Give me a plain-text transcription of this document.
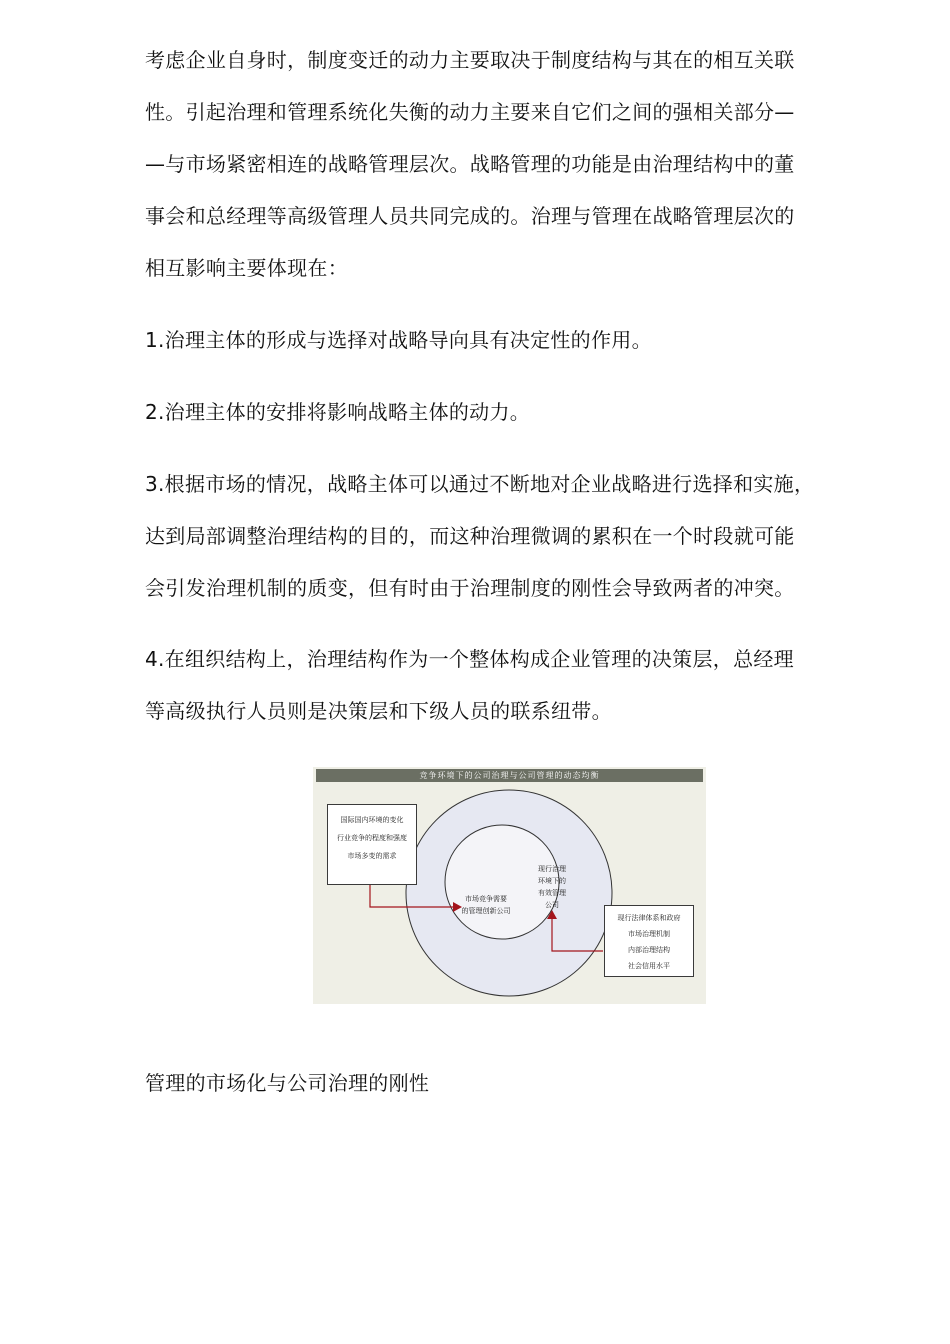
考虑企业自身时，制度变迁的动力主要取决于制度结构与其在的相互关联
性。引起治理和管理系统化失衡的动力主要来自它们之间的强相关部分—
—与市场紧密相连的战略管理层次。战略管理的功能是由治理结构中的董
事会和总经理等高级管理人员共同完成的。治理与管理在战略管理层次的
相互影响主要体现在：
1.治理主体的形成与选择对战略导向具有决定性的作用。
2.治理主体的安排将影响战略主体的动力。
3.根据市场的情况，战略主体可以通过不断地对企业战略进行选择和实施，
达到局部调整治理结构的目的，而这种治理微调的累积在一个时段就可能
会引发治理机制的质变，但有时由于治理制度的刚性会导致两者的冲突。
4.在组织结构上，治理结构作为一个整体构成企业管理的决策层，总经理
等高级执行人员则是决策层和下级人员的联系纽带。
竞争环境下的公司治理与公司管理的动态均衡
国际国内环境的变化
行业竞争的程度和强度
市场多变的需求
市场竞争需要
的管理创新公司
现行治理
环境下的
有效管理
公司
现行法律体系和政府
市场治理机制
内部治理结构
社会信用水平

管理的市场化与公司治理的刚性
